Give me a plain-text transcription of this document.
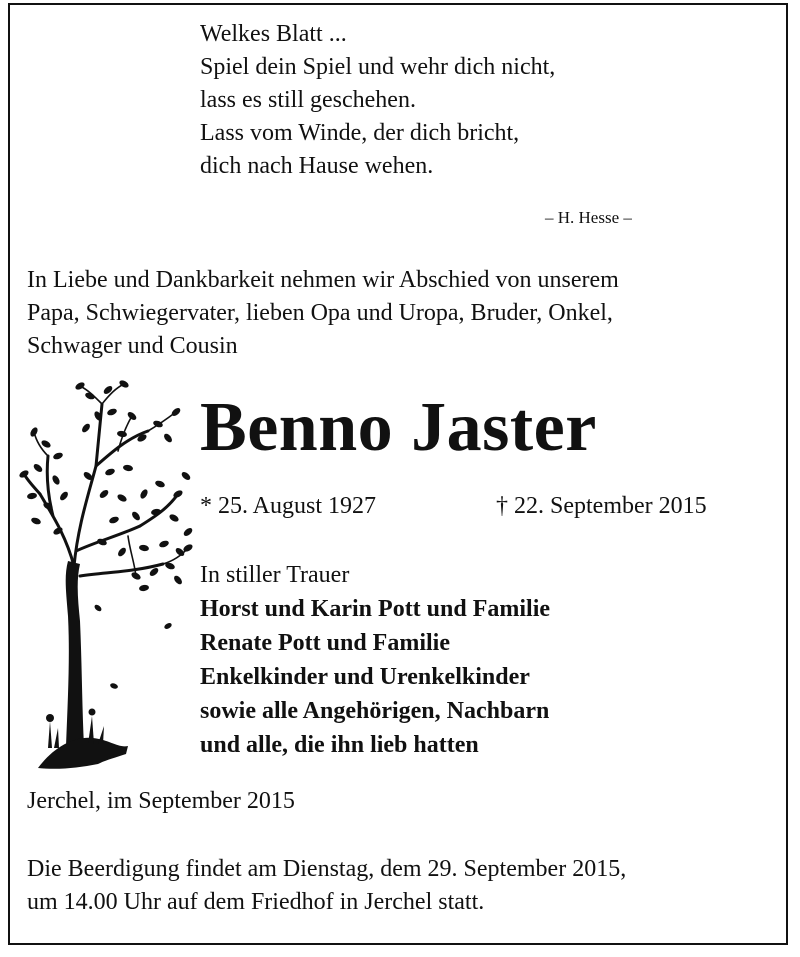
Welkes Blatt ...
Spiel dein Spiel und wehr dich nicht,
lass es still geschehen.
Lass vom Winde, der dich bricht,
dich nach Hause wehen.
– H. Hesse –
In Liebe und Dankbarkeit nehmen wir Abschied von unserem
Papa, Schwiegervater, lieben Opa und Uropa, Bruder, Onkel,
Schwager und Cousin
Benno Jaster
* 25. August 1927	† 22. September 2015
In stiller Trauer
Horst und Karin Pott und Familie
Renate Pott und Familie
Enkelkinder und Urenkelkinder
sowie alle Angehörigen, Nachbarn
und alle, die ihn lieb hatten
Jerchel, im September 2015
Die Beerdigung findet am Dienstag, dem 29. September 2015,
um 14.00 Uhr auf dem Friedhof in Jerchel statt.
